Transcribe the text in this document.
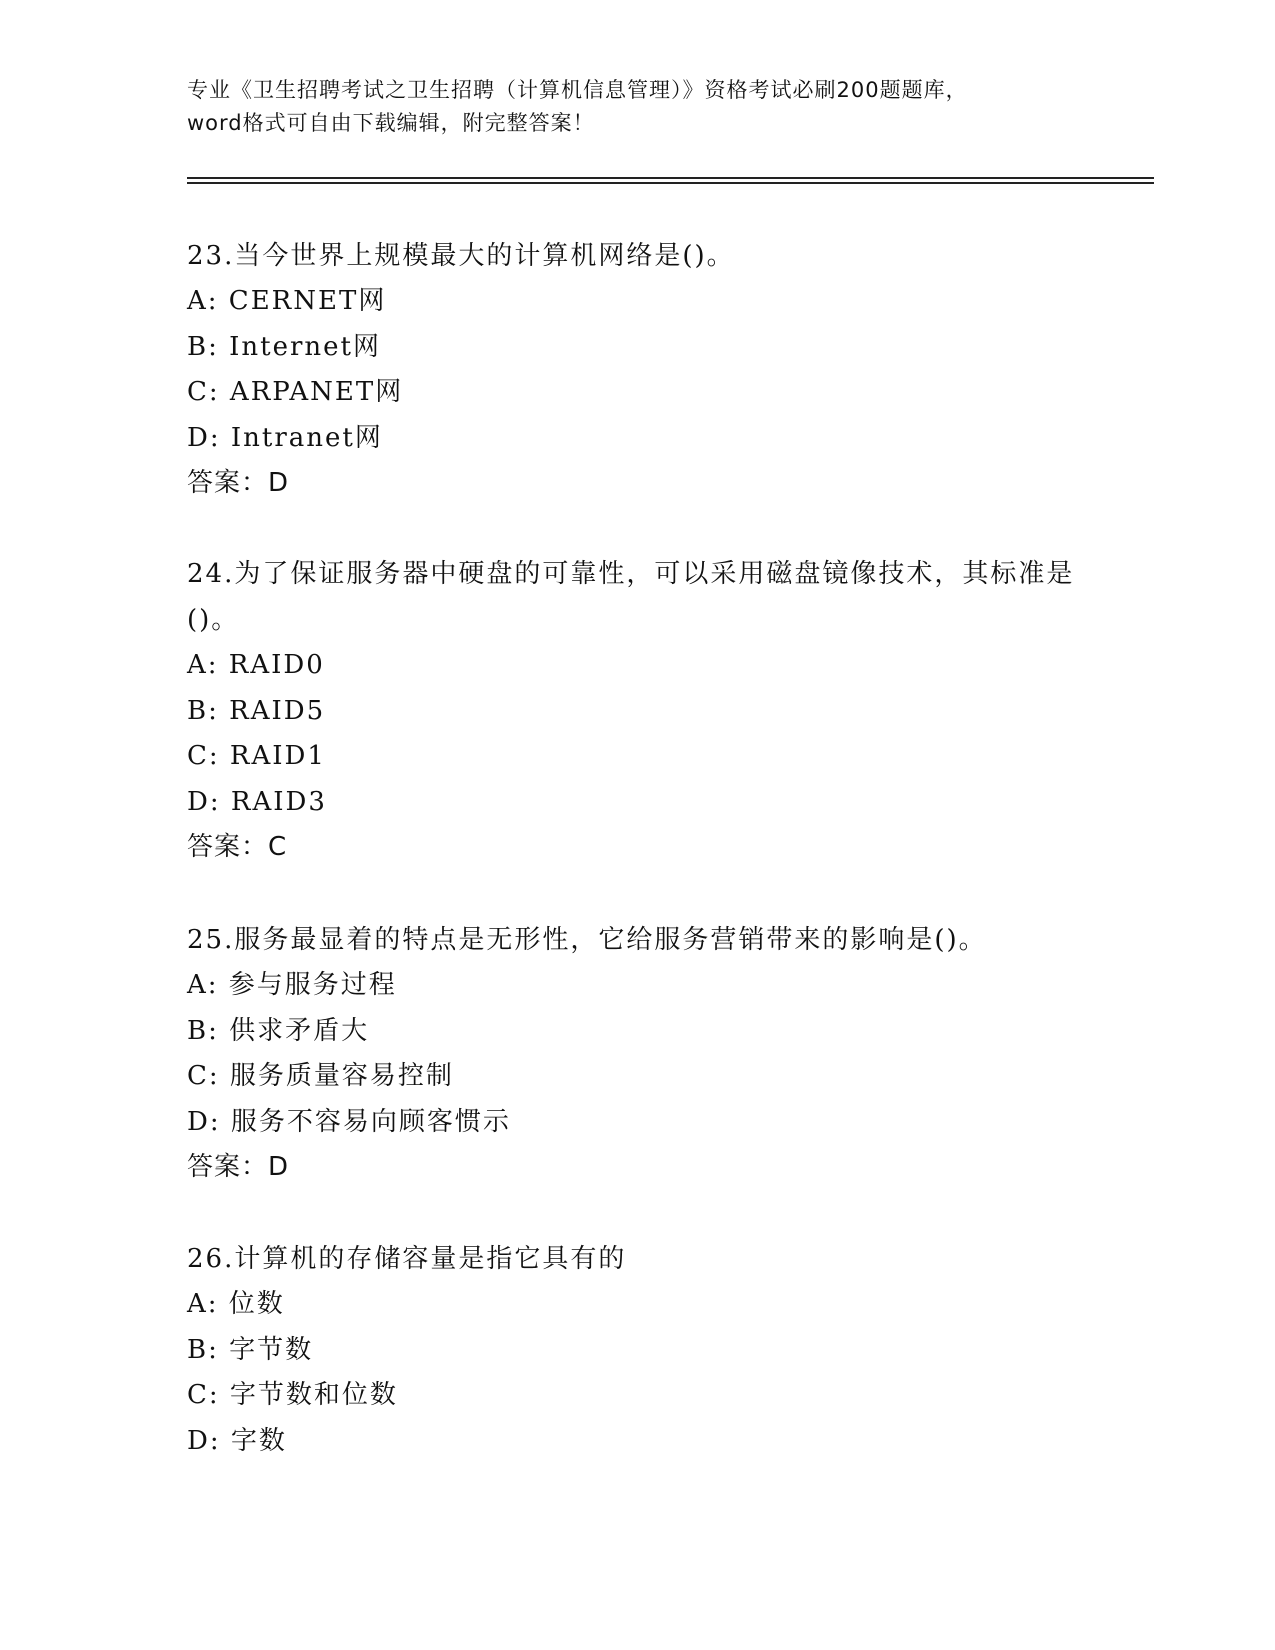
专业《卫生招聘考试之卫生招聘（计算机信息管理）》资格考试必刷200题题库，
word格式可自由下载编辑，附完整答案！
23.当今世界上规模最大的计算机网络是()。
A: CERNET网
B: Internet网
C: ARPANET网
D: Intranet网
答案：D
24.为了保证服务器中硬盘的可靠性，可以采用磁盘镜像技术，其标准是()。
A: RAID0
B: RAID5
C: RAID1
D: RAID3
答案：C
25.服务最显着的特点是无形性，它给服务营销带来的影响是()。
A: 参与服务过程
B: 供求矛盾大
C: 服务质量容易控制
D: 服务不容易向顾客惯示
答案：D
26.计算机的存储容量是指它具有的
A: 位数
B: 字节数
C: 字节数和位数
D: 字数
